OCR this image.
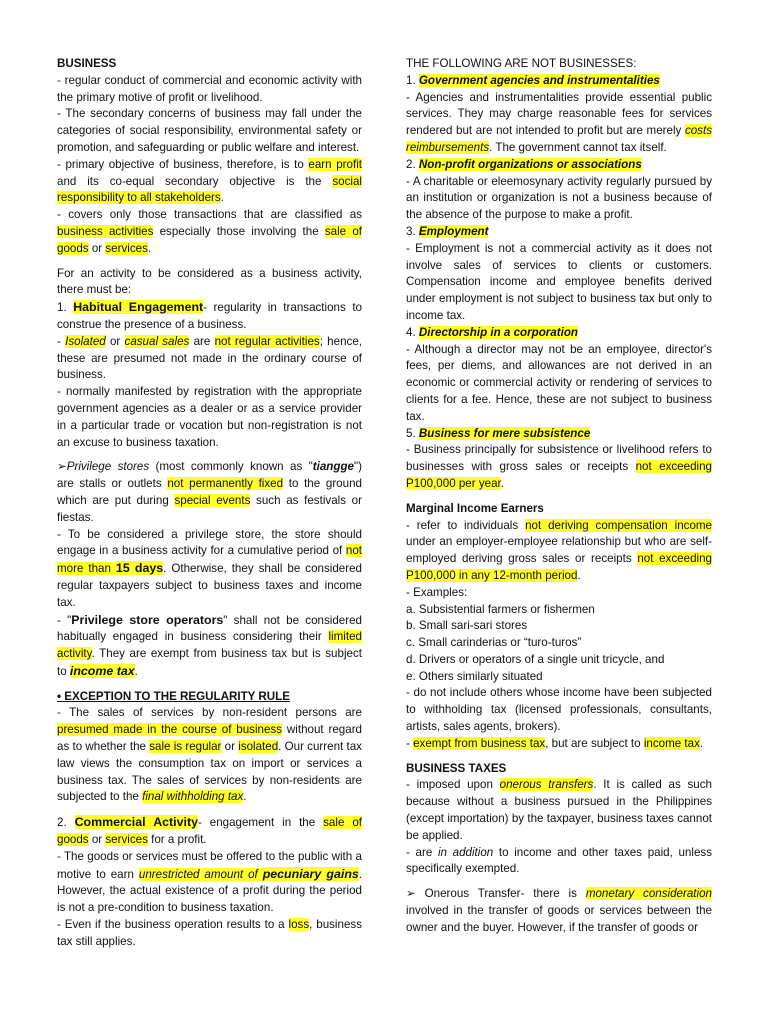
BUSINESS

- regular conduct of commercial and economic activity with the primary motive of profit or livelihood.

- The secondary concerns of business may fall under the categories of social responsibility, environmental safety or promotion, and safeguarding or public welfare and interest.

- primary objective of business, therefore, is to earn profit and its co-equal secondary objective is the social responsibility to all stakeholders.

- covers only those transactions that are classified as business activities especially those involving the sale of goods or services.

For an activity to be considered as a business activity, there must be:

1. Habitual Engagement- regularity in transactions to construe the presence of a business.

- Isolated or casual sales are not regular activities; hence, these are presumed not made in the ordinary course of business.

- normally manifested by registration with the appropriate government agencies as a dealer or as a service provider in a particular trade or vocation but non-registration is not an excuse to business taxation.

➢Privilege stores (most commonly known as "tiangge") are stalls or outlets not permanently fixed to the ground which are put during special events such as festivals or fiestas.

- To be considered a privilege store, the store should engage in a business activity for a cumulative period of not more than 15 days. Otherwise, they shall be considered regular taxpayers subject to business taxes and income tax.

- "Privilege store operators" shall not be considered habitually engaged in business considering their limited activity. They are exempt from business tax but is subject to income tax.

• EXCEPTION TO THE REGULARITY RULE

- The sales of services by non-resident persons are presumed made in the course of business without regard as to whether the sale is regular or isolated. Our current tax law views the consumption tax on import or services a business tax. The sales of services by non-residents are subjected to the final withholding tax.

2. Commercial Activity- engagement in the sale of goods or services for a profit.

- The goods or services must be offered to the public with a motive to earn unrestricted amount of pecuniary gains. However, the actual existence of a profit during the period is not a pre-condition to business taxation.

- Even if the business operation results to a loss, business tax still applies.

THE FOLLOWING ARE NOT BUSINESSES:

1. Government agencies and instrumentalities

- Agencies and instrumentalities provide essential public services. They may charge reasonable fees for services rendered but are not intended to profit but are merely costs reimbursements. The government cannot tax itself.

2. Non-profit organizations or associations

- A charitable or eleemosynary activity regularly pursued by an institution or organization is not a business because of the absence of the purpose to make a profit.

3. Employment

- Employment is not a commercial activity as it does not involve sales of services to clients or customers. Compensation income and employee benefits derived under employment is not subject to business tax but only to income tax.

4. Directorship in a corporation

- Although a director may not be an employee, director's fees, per diems, and allowances are not derived in an economic or commercial activity or rendering of services to clients for a fee. Hence, these are not subject to business tax.

5. Business for mere subsistence

- Business principally for subsistence or livelihood refers to businesses with gross sales or receipts not exceeding P100,000 per year.

Marginal Income Earners

- refer to individuals not deriving compensation income under an employer-employee relationship but who are self-employed deriving gross sales or receipts not exceeding P100,000 in any 12-month period.

- Examples:

a. Subsistential farmers or fishermen

b. Small sari-sari stores

c. Small carinderias or “turo-turos”

d. Drivers or operators of a single unit tricycle, and

e. Others similarly situated

- do not include others whose income have been subjected to withholding tax (licensed professionals, consultants, artists, sales agents, brokers).

- exempt from business tax, but are subject to income tax.

BUSINESS TAXES

- imposed upon onerous transfers. It is called as such because without a business pursued in the Philippines (except importation) by the taxpayer, business taxes cannot be applied.

- are in addition to income and other taxes paid, unless specifically exempted.

➢ Onerous Transfer- there is monetary consideration involved in the transfer of goods or services between the owner and the buyer. However, if the transfer of goods or
